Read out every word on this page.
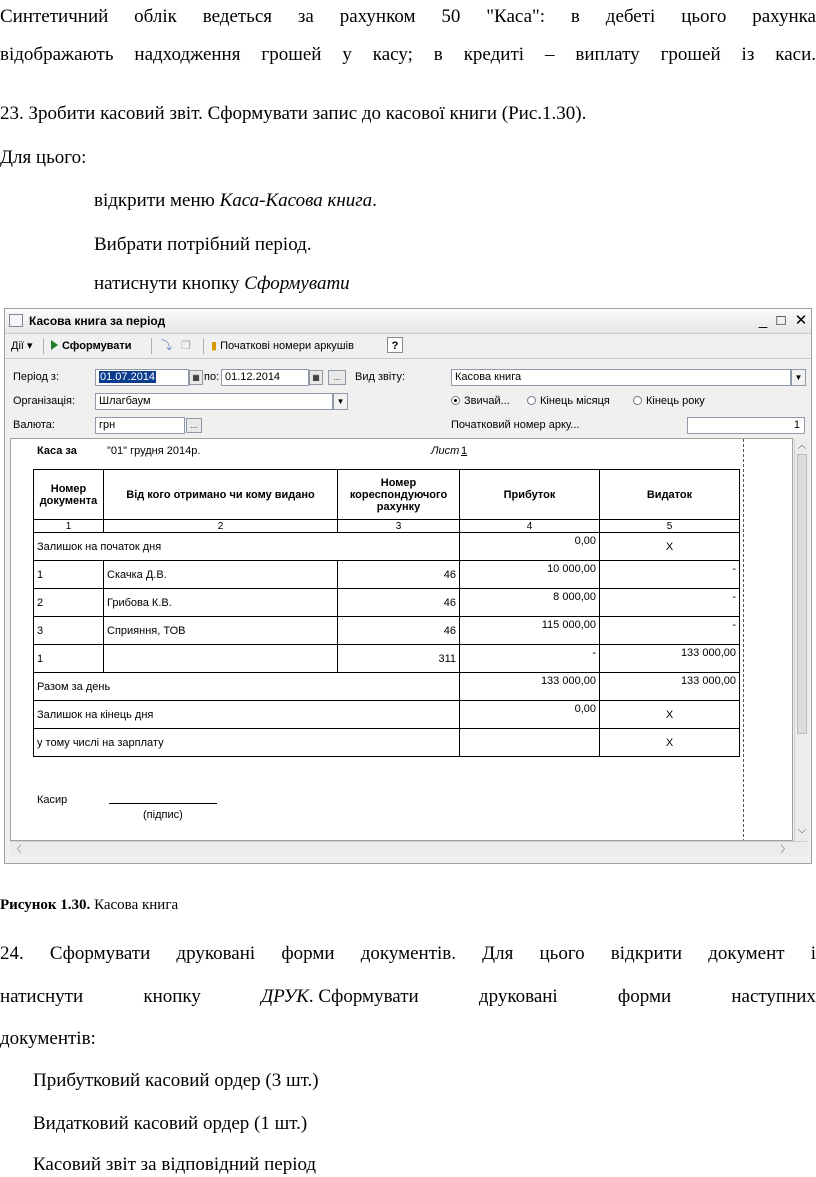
Синтетичний облік ведеться за рахунком 50 "Каса": в дебеті цього рахунка
відображають надходження грошей у касу; в кредиті – виплату грошей із каси.
23. Зробити касовий звіт. Сформувати запис до касової книги (Рис.1.30).
Для цього:
відкрити меню Каса-Касова книга.
Вибрати потрібний період.
натиснути кнопку Сформувати
Касова книга за період	_ □ ✕
Дії ▾	Сформувати	⤵ ❐ ▮ Початкові номери аркушів	?
Період з:	01.07.2014	▦ по: 01.12.2014	▦	...	Вид звіту:	Касова книга	▼
Організація:	Шлагбаум	▼	Звичай...	Кінець місяця	Кінець року
Валюта:	грн	...	Початковий номер арку...	1
Каса за	"01" грудня 2014р.	Лист 1
Номер документа	Від кого отримано чи кому видано	Номер кореспондуючого рахунку	Прибуток	Видаток
1	2	3	4	5
Залишок на початок дня			0,00	X
1	Скачка Д.В.	46	10 000,00	-
2	Грибова К.В.	46	8 000,00	-
3	Сприяння, ТОВ	46	115 000,00	-
1		311	-	133 000,00
Разом за день			133 000,00	133 000,00
Залишок на кінець дня			0,00	X
у тому числі на зарплату				X
Касир
(підпис)
︿
﹀
〈	〉
Рисунок 1.30. Касова книга
24. Сформувати друковані форми документів. Для цього відкрити документ і
натиснути	кнопку	ДРУК. Сформувати	друковані	форми	наступних
документів:
Прибутковий касовий ордер (3 шт.)
Видатковий касовий ордер (1 шт.)
Касовий звіт за відповідний період
